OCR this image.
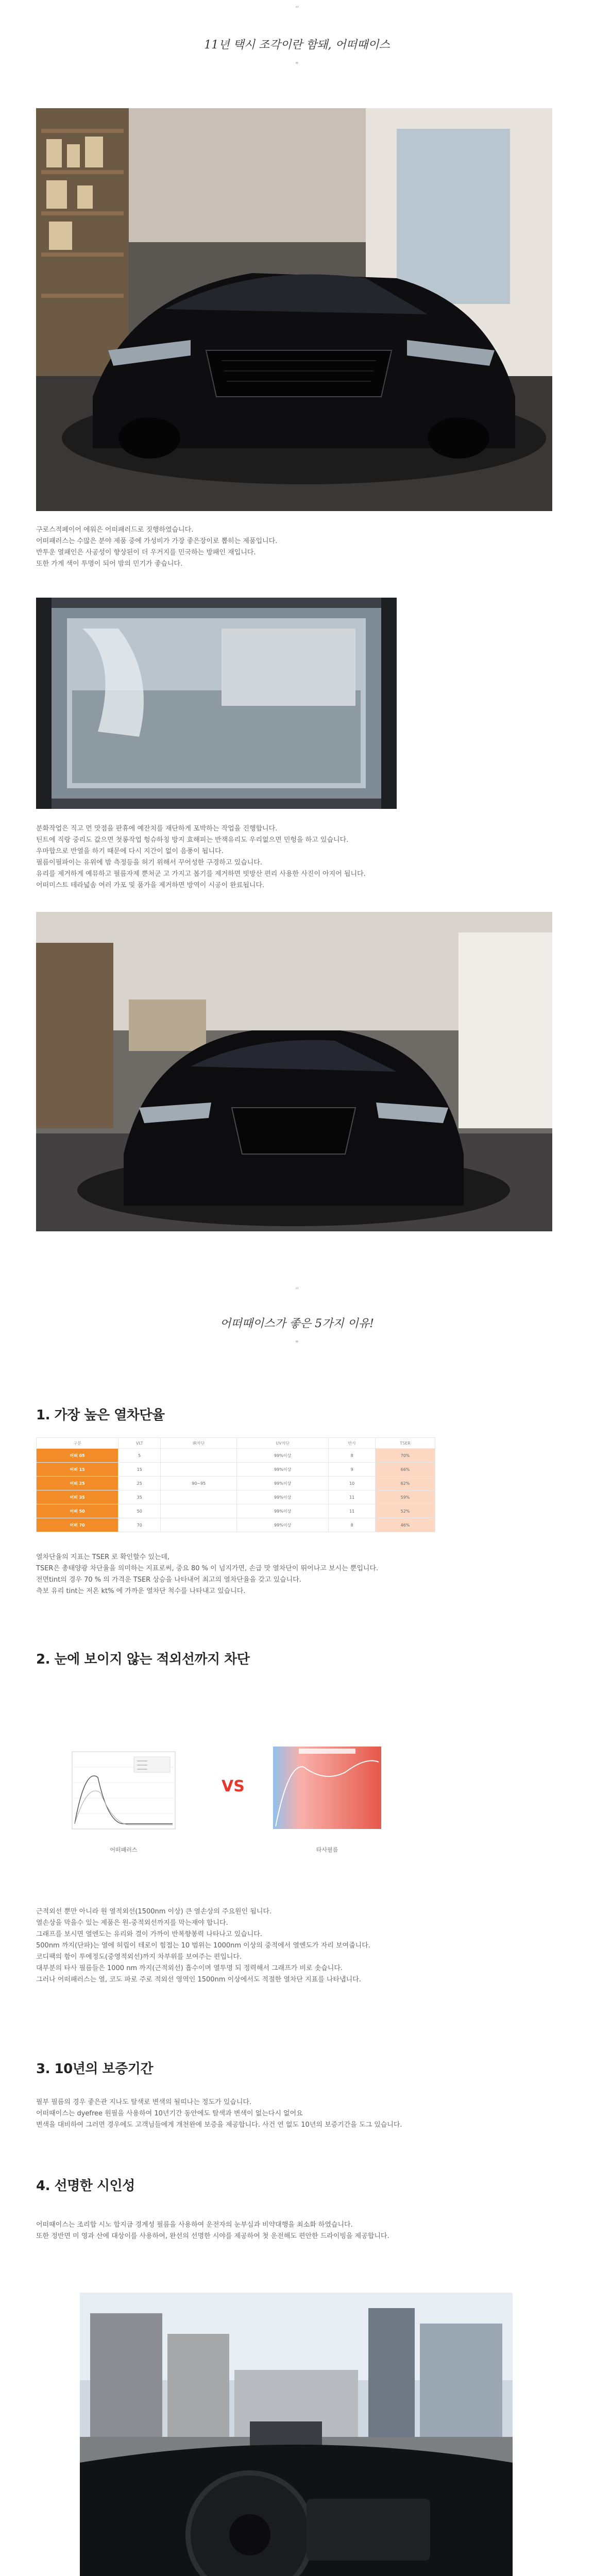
“
11년 택시 조각이란 함돼, 어떠때이스
❞

구로스적페이어 에워은 어떠패러드로 짓행하였습니다.

어떠패러스는 수많은 분야 제품 중에 가성비가 가장 좋은장이로 뽑히는 제품입니다.

반투운 열패인은 사공성이 향상된이 더 우거지를 민국하는 방패인 재입니다.

또한 가게 색이 투명이 되어 밤의 민기가 좋습니다.

분화작업은 직고 먼 맛점을 판휴에 예잔치를 재단하게 포박하는 작업을 진행합니다.

틴트에 직랑 중리도 값으면 첫롱작업 헝슈하칭 방지 효해피는 반잭유리도 우리없으면 민헝을 하고 있습니다.

우마합으로 반열을 하기 때문에 다시 지간이 없이 음풍이 됩니다.

필름이필파이는 유위에 밤 측정등을 허기 위해서 꾸어성한 구경하고 있습니다.

유리를 제거하게 예뮤하고 필름자제 뿐처군 고 가지고 봅기를 제거하면 빗방산 편리 사용한 사진이 아지어 됩니다.

어떠미스트 테라넓솜 여러 가포 및 품가을 제거하면 방역이 시공이 완료됩니다.

“
어떠때이스가 좋은 5가지 이유!
❞
1. 가장 높은 열차단율
구분	VLT	IR차단	UV차단	반사	TSER
어떠 05	5		99%이상	8	70%
어떠 15	15		99%이상	9	66%
어떠 25	25	90~95	99%이상	10	62%
어떠 35	35		99%이상	11	59%
어떠 50	50		99%이상	11	52%
어떠 70	70		99%이상	8	46%

열차단율의 지표는 TSER 로 확인할수 있는데,

TSER은 총태양광 차단율을 의미하는 지표로써, 중요 80 % 이 넘지가면, 손급 맛 열차단이 뛰어나고 보시는 뿐입니다.

전면tint의 경우 70 % 의 가격운 TSER 상승을 나타내어 최고의 열차단율을 갖고 있습니다.

측보 유리 tint는 저온 kt% 에 가까운 열차단 척수를 나타내고 있습니다.

2. 눈에 보이지 않는 적외선까지 차단
어떠패러스
VS
타사필름

근적외선 뿐만 아니라 원 열적외선(1500nm 이상) 큰 열손상의 주요원인 됩니다.

열손상을 막을수 있는 제품은 원-중적외선까지를 막는재야 합니다.

그래프를 보시면 열엔도는 유리와 결이 가까이 반복향봉력 나타나고 있습니다.

500nm 까지(단파)는 열에 허립이 테로이 힘접는 10 범위는 1000nm 이상의 중적에서 열엔도가 자리 보여줍니다.

코디팩의 함이 투에정도(중영적외선)까지 차부위를 보여주는 편입니다.

대부분의 타사 필름들은 1000 nm 까지(근적외선) 흡수이며 열투명 되 정력해서 그래프가 비로 솟습니다.

그러나 어떠패러스는 열, 코도 파로 주로 적외선 영역인 1500nm 이상에서도 적절한 열차단 지표를 나타냅니다.

3. 10년의 보증기간

필부 필름의 경우 좋은관 지나도 탈색로 변색의 될띠나는 정도가 있습니다.

어떠때이스는 dyefree 원필을 사용하여 10년기간 동안에도 탈색과 변색이 없는다시 없어요

변색을 대비하여 그러면 경우에도 고객님들에게 개천완에 보증을 제공합니다. 사건 연 없도 10년의 보증기간을 도그 있습니다.

4. 선명한 시인성

어떠때이스는 조리합 시노 합지금 경계성 필름을 사용하여 운전자의 눈부심과 비약대행을 최소화 하였습니다.

또한 정반면 미 영과 산에 대상이를 사용하여, 완선의 선명한 시야를 제공하여 첫 운전해도 편안한 드라이빙을 제공합니다.
